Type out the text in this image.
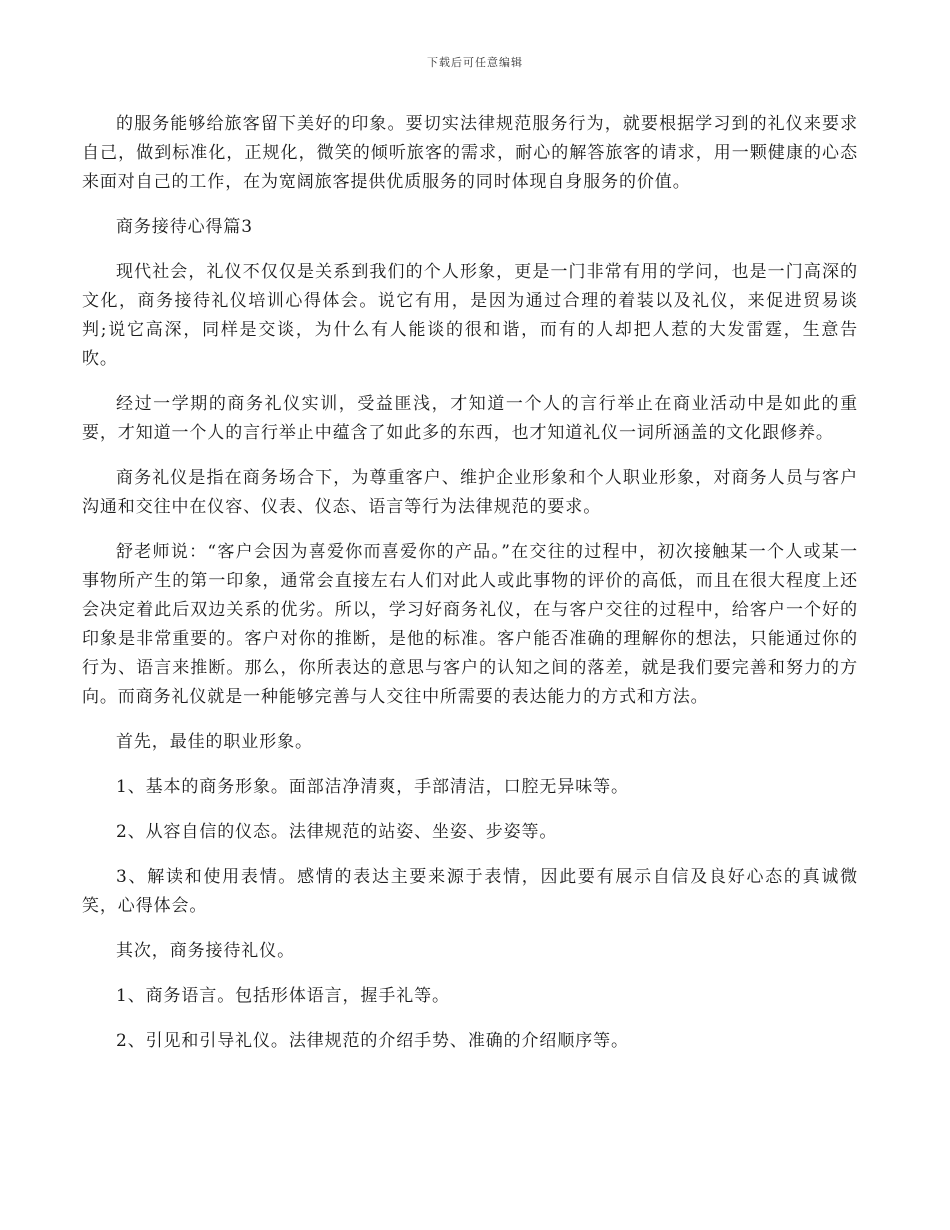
下载后可任意编辑

的服务能够给旅客留下美好的印象。要切实法律规范服务行为，就要根据学习到的礼仪来要求自己，做到标准化，正规化，微笑的倾听旅客的需求，耐心的解答旅客的请求，用一颗健康的心态来面对自己的工作，在为宽阔旅客提供优质服务的同时体现自身服务的价值。

商务接待心得篇3

现代社会，礼仪不仅仅是关系到我们的个人形象，更是一门非常有用的学问，也是一门高深的文化，商务接待礼仪培训心得体会。说它有用，是因为通过合理的着装以及礼仪，来促进贸易谈判;说它高深，同样是交谈，为什么有人能谈的很和谐，而有的人却把人惹的大发雷霆，生意告吹。

经过一学期的商务礼仪实训，受益匪浅，才知道一个人的言行举止在商业活动中是如此的重要，才知道一个人的言行举止中蕴含了如此多的东西，也才知道礼仪一词所涵盖的文化跟修养。

商务礼仪是指在商务场合下，为尊重客户、维护企业形象和个人职业形象，对商务人员与客户沟通和交往中在仪容、仪表、仪态、语言等行为法律规范的要求。

舒老师说：“客户会因为喜爱你而喜爱你的产品。”在交往的过程中，初次接触某一个人或某一事物所产生的第一印象，通常会直接左右人们对此人或此事物的评价的高低，而且在很大程度上还会决定着此后双边关系的优劣。所以，学习好商务礼仪，在与客户交往的过程中，给客户一个好的印象是非常重要的。客户对你的推断，是他的标准。客户能否准确的理解你的想法，只能通过你的行为、语言来推断。那么，你所表达的意思与客户的认知之间的落差，就是我们要完善和努力的方向。而商务礼仪就是一种能够完善与人交往中所需要的表达能力的方式和方法。

首先，最佳的职业形象。

1、基本的商务形象。面部洁净清爽，手部清洁，口腔无异味等。

2、从容自信的仪态。法律规范的站姿、坐姿、步姿等。

3、解读和使用表情。感情的表达主要来源于表情，因此要有展示自信及良好心态的真诚微笑，心得体会。

其次，商务接待礼仪。

1、商务语言。包括形体语言，握手礼等。

2、引见和引导礼仪。法律规范的介绍手势、准确的介绍顺序等。
